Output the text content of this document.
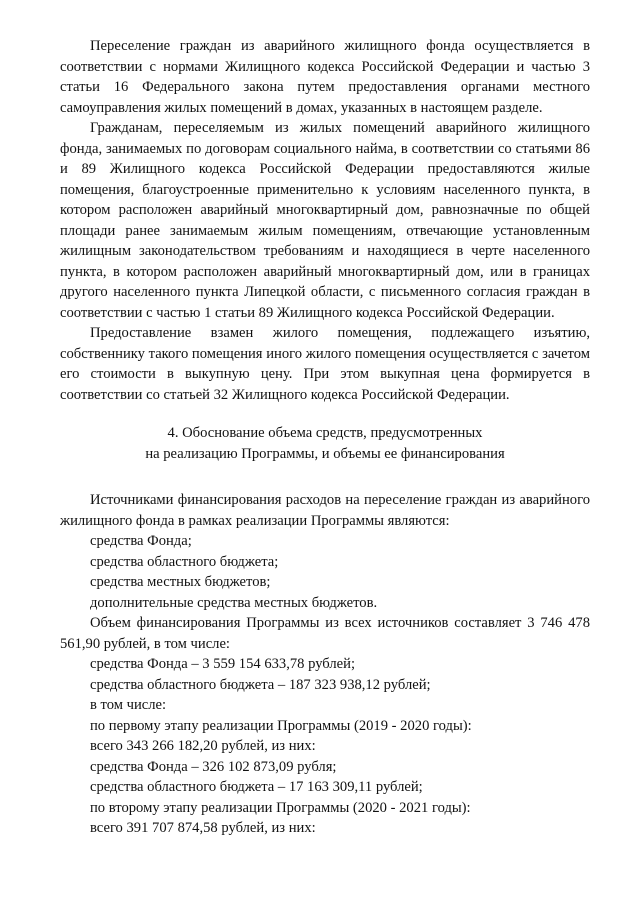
Переселение граждан из аварийного жилищного фонда осуществляется в соответствии с нормами Жилищного кодекса Российской Федерации и частью 3 статьи 16 Федерального закона путем предоставления органами местного самоуправления жилых помещений в домах, указанных в настоящем разделе.

Гражданам, переселяемым из жилых помещений аварийного жилищного фонда, занимаемых по договорам социального найма, в соответствии со статьями 86 и 89 Жилищного кодекса Российской Федерации предоставляются жилые помещения, благоустроенные применительно к условиям населенного пункта, в котором расположен аварийный многоквартирный дом, равнозначные по общей площади ранее занимаемым жилым помещениям, отвечающие установленным жилищным законодательством требованиям и находящиеся в черте населенного пункта, в котором расположен аварийный многоквартирный дом, или в границах другого населенного пункта Липецкой области, с письменного согласия граждан в соответствии с частью 1 статьи 89 Жилищного кодекса Российской Федерации.

Предоставление взамен жилого помещения, подлежащего изъятию, собственнику такого помещения иного жилого помещения осуществляется с зачетом его стоимости в выкупную цену. При этом выкупная цена формируется в соответствии со статьей 32 Жилищного кодекса Российской Федерации.

4. Обоснование объема средств, предусмотренных
на реализацию Программы, и объемы ее финансирования

Источниками финансирования расходов на переселение граждан из аварийного жилищного фонда в рамках реализации Программы являются:

средства Фонда;

средства областного бюджета;

средства местных бюджетов;

дополнительные средства местных бюджетов.

Объем финансирования Программы из всех источников составляет 3 746 478 561,90 рублей, в том числе:

средства Фонда – 3 559 154 633,78 рублей;

средства областного бюджета – 187 323 938,12 рублей;

в том числе:

по первому этапу реализации Программы (2019 - 2020 годы):

всего 343 266 182,20 рублей, из них:

средства Фонда – 326 102 873,09 рубля;

средства областного бюджета – 17 163 309,11 рублей;

по второму этапу реализации Программы (2020 - 2021 годы):

всего 391 707 874,58 рублей, из них:
